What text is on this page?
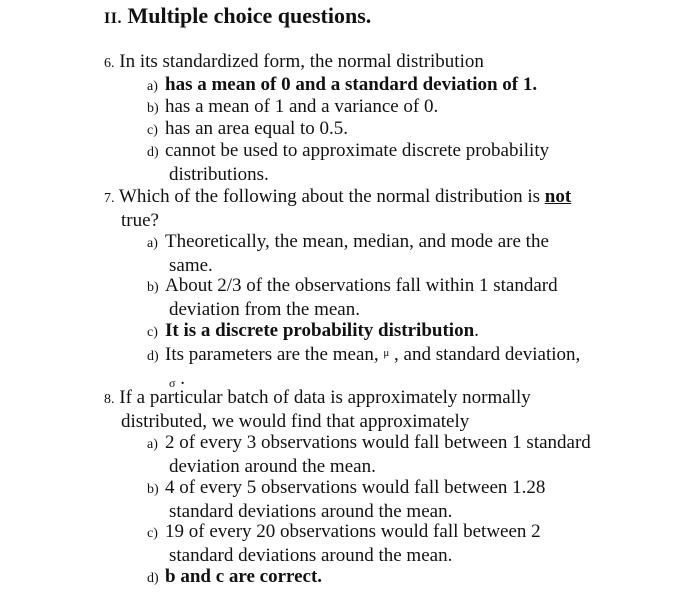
II. Multiple choice questions.
6. In its standardized form, the normal distribution
a) has a mean of 0 and a standard deviation of 1.
b) has a mean of 1 and a variance of 0.
c) has an area equal to 0.5.
d) cannot be used to approximate discrete probability
distributions.
7. Which of the following about the normal distribution is not
true?
a) Theoretically, the mean, median, and mode are the
same.
b) About 2/3 of the observations fall within 1 standard
deviation from the mean.
c) It is a discrete probability distribution.
d) Its parameters are the mean, $^\mu$ , and standard deviation,
σ .
8. If a particular batch of data is approximately normally
distributed, we would find that approximately
a) 2 of every 3 observations would fall between 1 standard
deviation around the mean.
b) 4 of every 5 observations would fall between 1.28
standard deviations around the mean.
c) 19 of every 20 observations would fall between 2
standard deviations around the mean.
d) b and c are correct.
